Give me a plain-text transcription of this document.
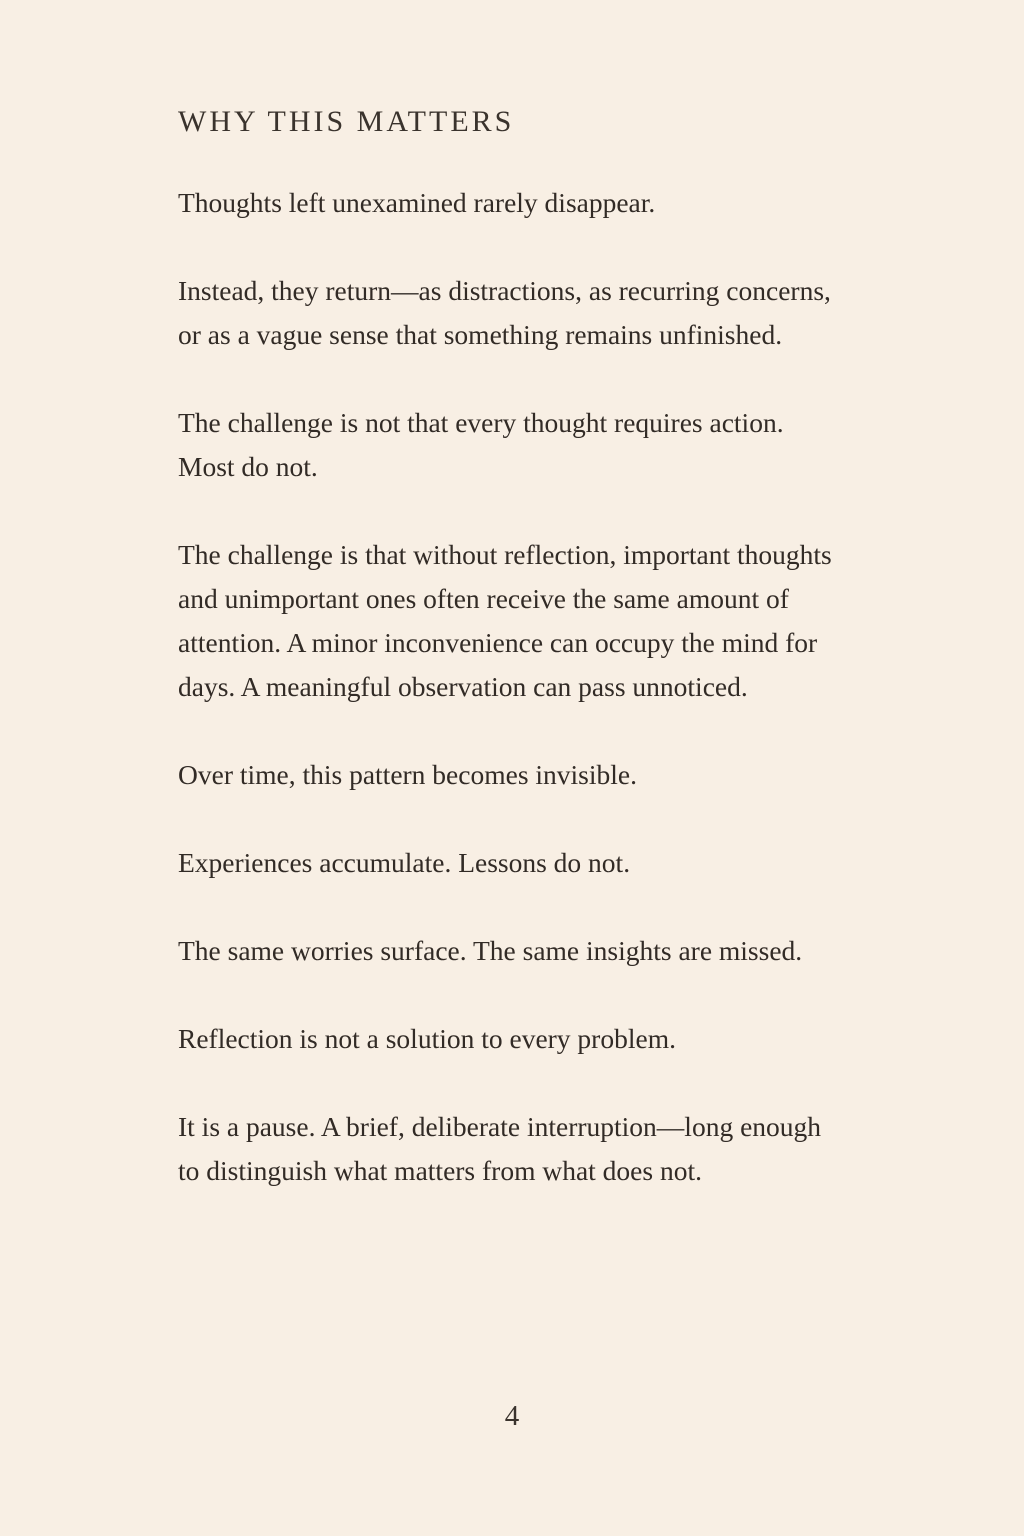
WHY THIS MATTERS

Thoughts left unexamined rarely disappear.

Instead, they return—as distractions, as recurring concerns,
or as a vague sense that something remains unfinished.

The challenge is not that every thought requires action.
Most do not.

The challenge is that without reflection, important thoughts
and unimportant ones often receive the same amount of
attention. A minor inconvenience can occupy the mind for
days. A meaningful observation can pass unnoticed.

Over time, this pattern becomes invisible.

Experiences accumulate. Lessons do not.

The same worries surface. The same insights are missed.

Reflection is not a solution to every problem.

It is a pause. A brief, deliberate interruption—long enough
to distinguish what matters from what does not.

4
